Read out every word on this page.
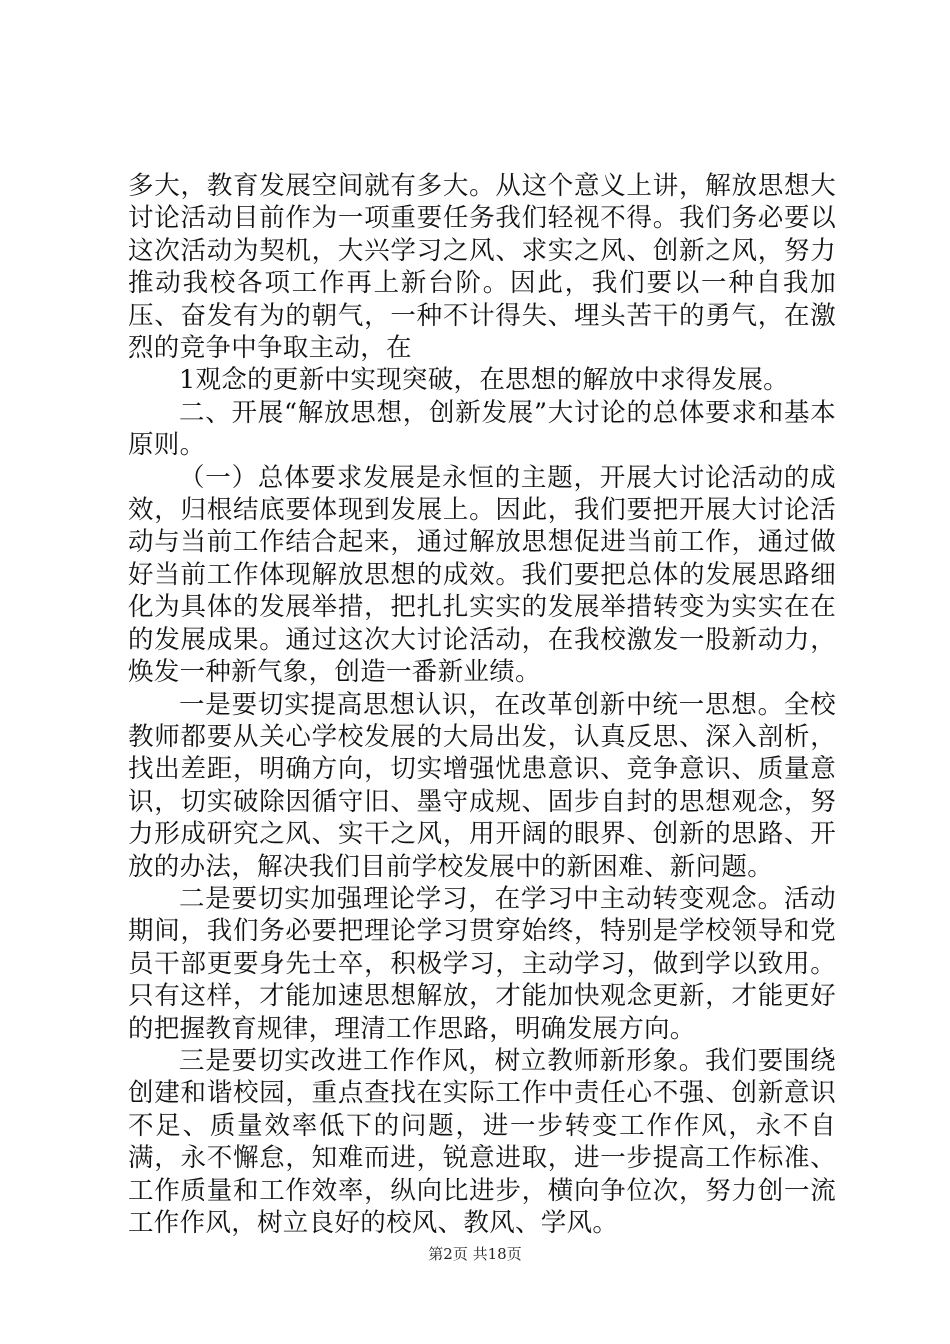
多大，教育发展空间就有多大。从这个意义上讲，解放思想大讨论活动目前作为一项重要任务我们轻视不得。我们务必要以这次活动为契机，大兴学习之风、求实之风、创新之风，努力推动我校各项工作再上新台阶。因此，我们要以一种自我加压、奋发有为的朝气，一种不计得失、埋头苦干的勇气，在激烈的竞争中争取主动，在

1观念的更新中实现突破，在思想的解放中求得发展。

二、开展“解放思想，创新发展”大讨论的总体要求和基本原则。

（一）总体要求发展是永恒的主题，开展大讨论活动的成效，归根结底要体现到发展上。因此，我们要把开展大讨论活动与当前工作结合起来，通过解放思想促进当前工作，通过做好当前工作体现解放思想的成效。我们要把总体的发展思路细化为具体的发展举措，把扎扎实实的发展举措转变为实实在在的发展成果。通过这次大讨论活动，在我校激发一股新动力，焕发一种新气象，创造一番新业绩。

一是要切实提高思想认识，在改革创新中统一思想。全校教师都要从关心学校发展的大局出发，认真反思、深入剖析，找出差距，明确方向，切实增强忧患意识、竞争意识、质量意识，切实破除因循守旧、墨守成规、固步自封的思想观念，努力形成研究之风、实干之风，用开阔的眼界、创新的思路、开放的办法，解决我们目前学校发展中的新困难、新问题。

二是要切实加强理论学习，在学习中主动转变观念。活动期间，我们务必要把理论学习贯穿始终，特别是学校领导和党员干部更要身先士卒，积极学习，主动学习，做到学以致用。只有这样，才能加速思想解放，才能加快观念更新，才能更好的把握教育规律，理清工作思路，明确发展方向。

三是要切实改进工作作风，树立教师新形象。我们要围绕创建和谐校园，重点查找在实际工作中责任心不强、创新意识不足、质量效率低下的问题，进一步转变工作作风，永不自满，永不懈怠，知难而进，锐意进取，进一步提高工作标准、工作质量和工作效率，纵向比进步，横向争位次，努力创一流工作作风，树立良好的校风、教风、学风。

第2页 共18页
